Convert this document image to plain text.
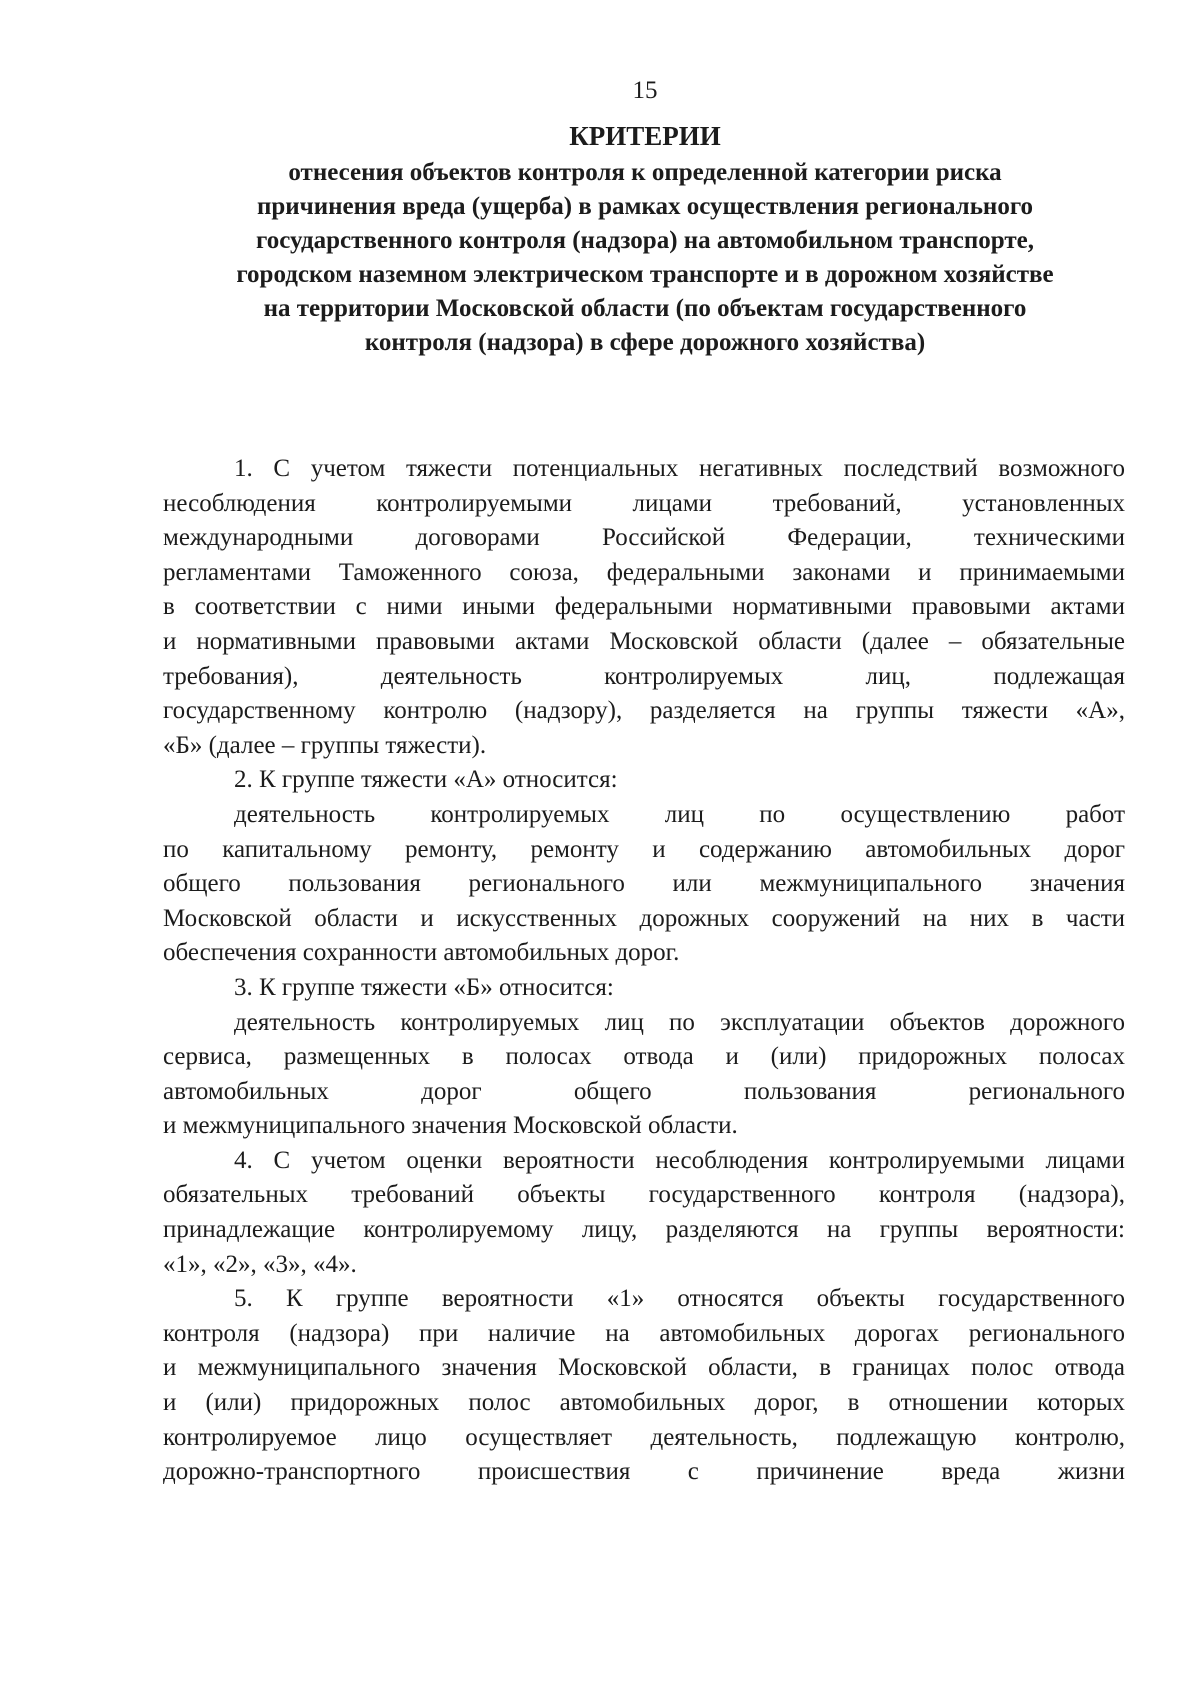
15
КРИТЕРИИ
отнесения объектов контроля к определенной категории риска
причинения вреда (ущерба) в рамках осуществления регионального
государственного контроля (надзора) на автомобильном транспорте,
городском наземном электрическом транспорте и в дорожном хозяйстве
на территории Московской области (по объектам государственного
контроля (надзора) в сфере дорожного хозяйства)

1. С учетом тяжести потенциальных негативных последствий возможного
несоблюдения контролируемыми лицами требований, установленных
международными договорами Российской Федерации, техническими
регламентами Таможенного союза, федеральными законами и принимаемыми
в соответствии с ними иными федеральными нормативными правовыми актами
и нормативными правовыми актами Московской области (далее – обязательные
требования), деятельность контролируемых лиц, подлежащая
государственному контролю (надзору), разделяется на группы тяжести «А»,
«Б» (далее – группы тяжести).

2. К группе тяжести «А» относится:

деятельность контролируемых лиц по осуществлению работ
по капитальному ремонту, ремонту и содержанию автомобильных дорог
общего пользования регионального или межмуниципального значения
Московской области и искусственных дорожных сооружений на них в части
обеспечения сохранности автомобильных дорог.

3. К группе тяжести «Б» относится:

деятельность контролируемых лиц по эксплуатации объектов дорожного
сервиса, размещенных в полосах отвода и (или) придорожных полосах
автомобильных дорог общего пользования регионального
и межмуниципального значения Московской области.

4. С учетом оценки вероятности несоблюдения контролируемыми лицами
обязательных требований объекты государственного контроля (надзора),
принадлежащие контролируемому лицу, разделяются на группы вероятности:
«1», «2», «3», «4».

5. К группе вероятности «1» относятся объекты государственного
контроля (надзора) при наличие на автомобильных дорогах регионального
и межмуниципального значения Московской области, в границах полос отвода
и (или) придорожных полос автомобильных дорог, в отношении которых
контролируемое лицо осуществляет деятельность, подлежащую контролю,
дорожно-транспортного происшествия с причинение вреда жизни
